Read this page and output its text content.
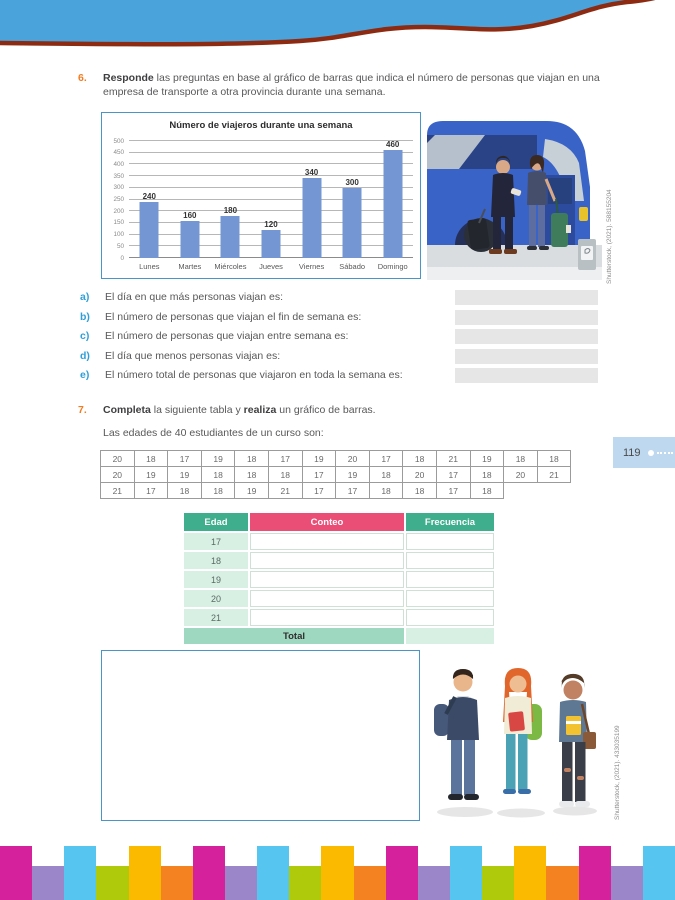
6. Responde las preguntas en base al gráfico de barras que indica el número de personas que viajan en una empresa de transporte a otra provincia durante una semana.
Número de viajeros durante una semana
0
50
100
150
200
250
300
350
400
450
500
240
Lunes
160
Martes
180
Miércoles
120
Jueves
340
Viernes
300
Sábado
460
Domingo	Shutterstock, (2021). 588155204
a) El día en que más personas viajan es:
b) El número de personas que viajan el fin de semana es:
c) El número de personas que viajan entre semana es:
d) El día que menos personas viajan es:
e) El número total de personas que viajaron en toda la semana es:
7. Completa la siguiente tabla y realiza un gráfico de barras.
Las edades de 40 estudiantes de un curso son:
20	18	17	19	18	17	19	20	17	18	21	19	18	18
20	19	19	18	18	18	17	19	18	20	17	18	20	21
21	17	18	18	19	21	17	17	18	18	17	18		
119
Edad	Conteo	Frecuencia
17		
18		
19		
20		
21		
Total		
Shutterstock, (2021). 433035199
